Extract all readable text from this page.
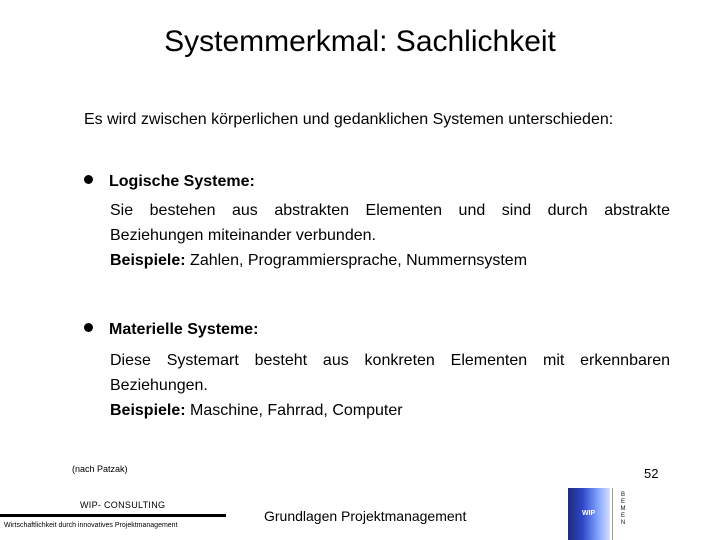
Systemmerkmal: Sachlichkeit
Es wird zwischen körperlichen und gedanklichen Systemen unterschieden:
Logische Systeme:
Sie bestehen aus abstrakten Elementen und sind durch abstrakte
Beziehungen miteinander verbunden.
Beispiele: Zahlen, Programmiersprache, Nummernsystem
Materielle Systeme:
Diese Systemart besteht aus konkreten Elementen mit erkennbaren
Beziehungen.
Beispiele: Maschine, Fahrrad, Computer
(nach Patzak)
WIP- CONSULTING
Wirtschaftlichkeit durch innovatives Projektmanagement
Grundlagen Projektmanagement
52
WIP
B
E
M
E
N
